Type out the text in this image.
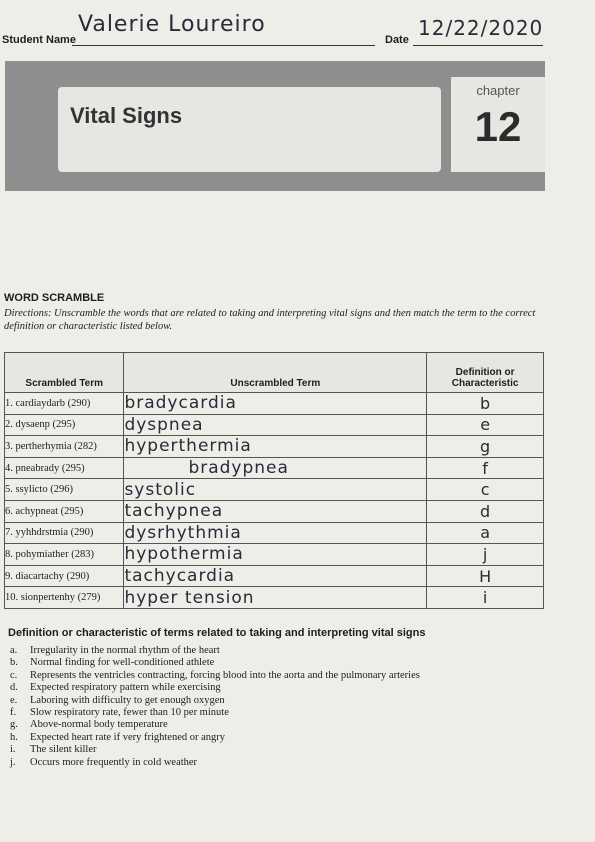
Student Name
Valerie Loureiro
Date 12/22/2020
Vital Signs
chapter
12
WORD SCRAMBLE
Directions: Unscramble the words that are related to taking and interpreting vital signs and then match the term to the correct definition or characteristic listed below.
Scrambled Term	Unscrambled Term	Definition or Characteristic
1. cardiaydarb (290)	bradycardia	b
2. dysaenp (295)	dyspnea	e
3. pertherhymia (282)	hyperthermia	g
4. pneabrady (295)	bradypnea	f
5. ssylicto (296)	systolic	c
6. achypneat (295)	tachypnea	d
7. yyhhdrstmia (290)	dysrhythmia	a
8. pohymiather (283)	hypothermia	j
9. diacartachy (290)	tachycardia	H
10. sionpertenhy (279)	hyper tension	i
Definition or characteristic of terms related to taking and interpreting vital signs
a. Irregularity in the normal rhythm of the heart
b. Normal finding for well-conditioned athlete
c. Represents the ventricles contracting, forcing blood into the aorta and the pulmonary arteries
d. Expected respiratory pattern while exercising
e. Laboring with difficulty to get enough oxygen
f. Slow respiratory rate, fewer than 10 per minute
g. Above-normal body temperature
h. Expected heart rate if very frightened or angry
i. The silent killer
j. Occurs more frequently in cold weather
